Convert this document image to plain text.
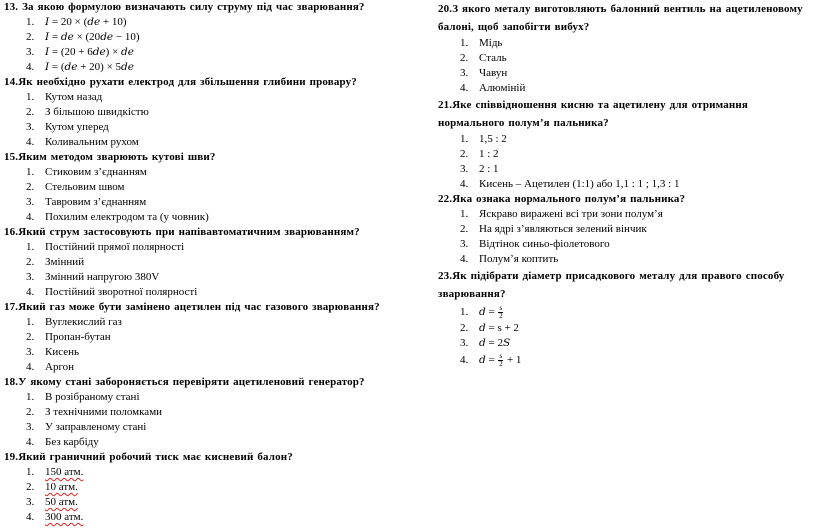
13. За якою формулою визначають силу струму під час зварювання?
1. I = 20 × (de + 10)
2. I = de × (20de − 10)
3. I = (20 + 6de) × de
4. I = (de + 20) × 5de
14.Як необхідно рухати електрод для збільшення глибини провару?
1. Кутом назад
2. З більшою швидкістю
3. Кутом уперед
4. Коливальним рухом
15.Яким методом зварюють кутові шви?
1. Стиковим з’єднанням
2. Стельовим швом
3. Тавровим з’єднанням
4. Похилим електродом та (у човник)
16.Який струм застосовують при напівавтоматичним зварюванням?
1. Постійний прямої полярності
2. Змінний
3. Змінний напругою 380V
4. Постійний зворотної полярності
17.Який газ може бути замінено ацетилен під час газового зварювання?
1. Вуглекислий газ
2. Пропан-бутан
3. Кисень
4. Аргон
18.У якому стані забороняється перевіряти ацетиленовий генератор?
1. В розібраному стані
2. З технічними поломками
3. У заправленому стані
4. Без карбіду
19.Який граничний робочий тиск має кисневий балон?
1. 150 атм.
2. 10 атм.
3. 50 атм.
4. 300 атм.
20.З якого металу виготовляють балонний вентиль на ацетиленовому балоні, щоб запобігти вибух?
1. Мідь
2. Сталь
3. Чавун
4. Алюміній
21.Яке співвідношення кисню та ацетилену для отримання нормального полум’я пальника?
1. 1,5 : 2
2. 1 : 2
3. 2 : 1
4. Кисень – Ацетилен (1:1) або 1,1 : 1 ; 1,3 : 1
22.Яка ознака нормального полум’я пальника?
1. Яскраво виражені всі три зони полум’я
2. На ядрі з’являються зелений вінчик
3. Відтінок синьо-фіолетового
4. Полум’я коптить
23.Як підібрати діаметр присадкового металу для правого способу зварювання?
1. $d = \frac{s}{2}$
2. d = s + 2
3. d = 2S
4. $d = \frac{s}{2} + 1$
